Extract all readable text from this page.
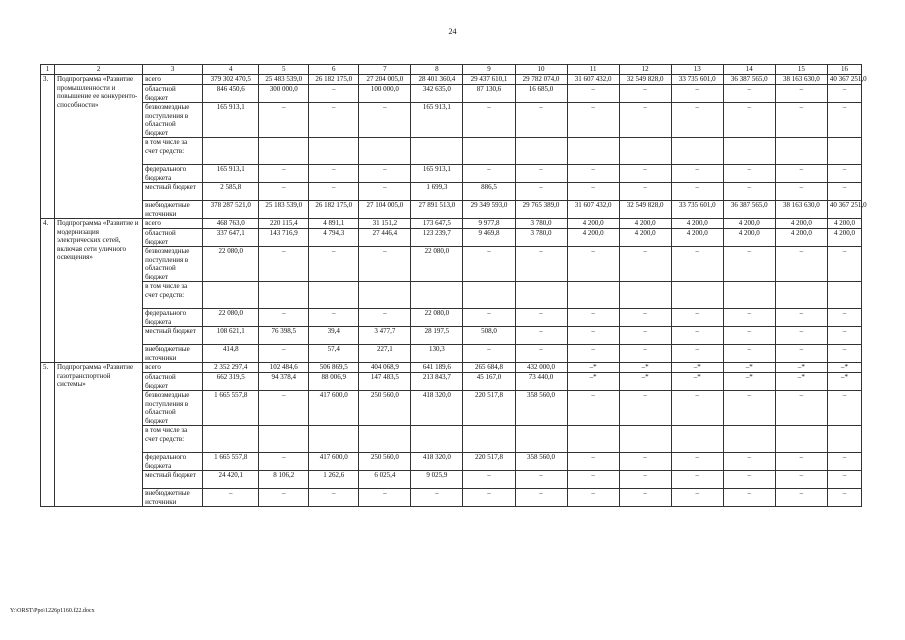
24
1	2	3	4	5	6	7	8	9	10	11	12	13	14	15	16
3.	Подпрограмма «Развитие промышленности и повышение ее конкуренто-способности»	всего	379 302 470,5	25 483 539,0	26 182 175,0	27 204 005,0	28 401 360,4	29 437 610,1	29 782 074,0	31 607 432,0	32 549 828,0	33 735 601,0	36 387 565,0	38 163 630,0	40 367 251,0
		областной бюджет	846 450,6	300 000,0	–	100 000,0	342 635,0	87 130,6	16 685,0	–	–	–	–	–	–
		безвозмездные поступления в областной бюджет	165 913,1	–	–	–	165 913,1	–	–	–	–	–	–	–	–
		в том числе за счет средств:													
		федерального бюджета	165 913,1	–	–	–	165 913,1	–	–	–	–	–	–	–	–
		местный бюджет	2 585,8	–	–	–	1 699,3	886,5	–	–	–	–	–	–	–
		внебюджетные источники	378 287 521,0	25 183 539,0	26 182 175,0	27 104 005,0	27 891 513,0	29 349 593,0	29 765 389,0	31 607 432,0	32 549 828,0	33 735 601,0	36 387 565,0	38 163 630,0	40 367 251,0
4.	Подпрограмма «Развитие и модернизация электрических сетей, включая сети уличного освещения»	всего	468 763,0	220 115,4	4 891,1	31 151,2	173 647,5	9 977,8	3 780,0	4 200,0	4 200,0	4 200,0	4 200,0	4 200,0	4 200,0
		областной бюджет	337 647,1	143 716,9	4 794,3	27 446,4	123 239,7	9 469,8	3 780,0	4 200,0	4 200,0	4 200,0	4 200,0	4 200,0	4 200,0
		безвозмездные поступления в областной бюджет	22 080,0	–	–	–	22 080,0	–	–	–	–	–	–	–	–
		в том числе за счет средств:													
		федерального бюджета	22 080,0	–	–	–	22 080,0	–	–	–	–	–	–	–	–
		местный бюджет	108 621,1	76 398,5	39,4	3 477,7	28 197,5	508,0	–	–	–	–	–	–	–
		внебюджетные источники	414,8	–	57,4	227,1	130,3	–	–	–	–	–	–	–	–
5.	Подпрограмма «Развитие газотранспортной системы»	всего	2 352 297,4	102 484,6	506 869,5	404 068,9	641 189,6	265 684,8	432 000,0	–*	–*	–*	–*	–*	–*
		областной бюджет	662 319,5	94 378,4	88 006,9	147 483,5	213 843,7	45 167,0	73 440,0	–*	–*	–*	–*	–*	–*
		безвозмездные поступления в областной бюджет	1 665 557,8	–	417 600,0	250 560,0	418 320,0	220 517,8	358 560,0	–	–	–	–	–	–
		в том числе за счет средств:													
		федерального бюджета	1 665 557,8	–	417 600,0	250 560,0	418 320,0	220 517,8	358 560,0	–	–	–	–	–	–
		местный бюджет	24 420,1	8 106,2	1 262,6	6 025,4	9 025,9	–	–	–	–	–	–	–	–
		внебюджетные источники	–	–	–	–	–	–	–	–	–	–	–	–	–
Y:\ORST\Ppo\1226p1160.f22.docx
